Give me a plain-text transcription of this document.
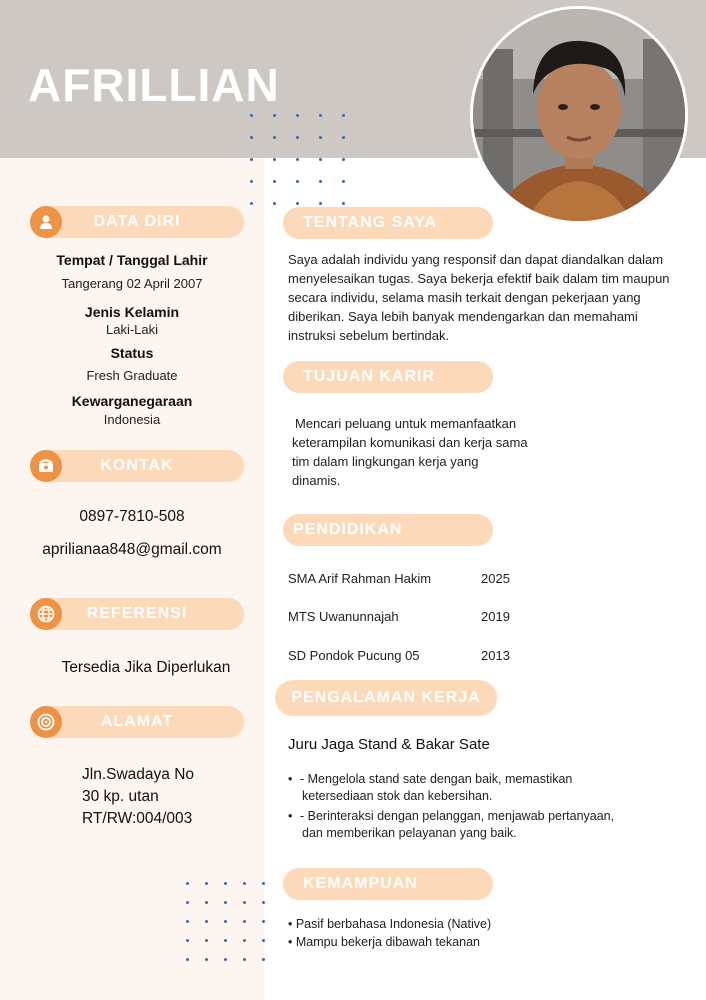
AFRILLIAN
DATA DIRI
Tempat / Tanggal Lahir
Tangerang 02 April 2007
Jenis Kelamin
Laki-Laki
Status
Fresh Graduate
Kewarganegaraan
Indonesia
KONTAK
0897-7810-508
aprilianaa848@gmail.com
REFERENSI
Tersedia Jika Diperlukan
ALAMAT
Jln.Swadaya No
30 kp. utan
RT/RW:004/003
TENTANG SAYA
Saya adalah individu yang responsif dan dapat diandalkan dalam
menyelesaikan tugas. Saya bekerja efektif baik dalam tim maupun
secara individu, selama masih terkait dengan pekerjaan yang
diberikan. Saya lebih banyak mendengarkan dan memahami
instruksi sebelum bertindak.
TUJUAN KARIR
Mencari peluang untuk memanfaatkan
keterampilan komunikasi dan kerja sama
tim dalam lingkungan kerja yang
dinamis.
PENDIDIKAN
SMA Arif Rahman Hakim	2025
MTS Uwanunnajah	2019
SD Pondok Pucung 05	2013
PENGALAMAN KERJA
Juru Jaga Stand & Bakar Sate
• - Mengelola stand sate dengan baik, memastikan
ketersediaan stok dan kebersihan.
• - Berinteraksi dengan pelanggan, menjawab pertanyaan,
dan memberikan pelayanan yang baik.
KEMAMPUAN
• Pasif berbahasa Indonesia (Native)
• Mampu bekerja dibawah tekanan
